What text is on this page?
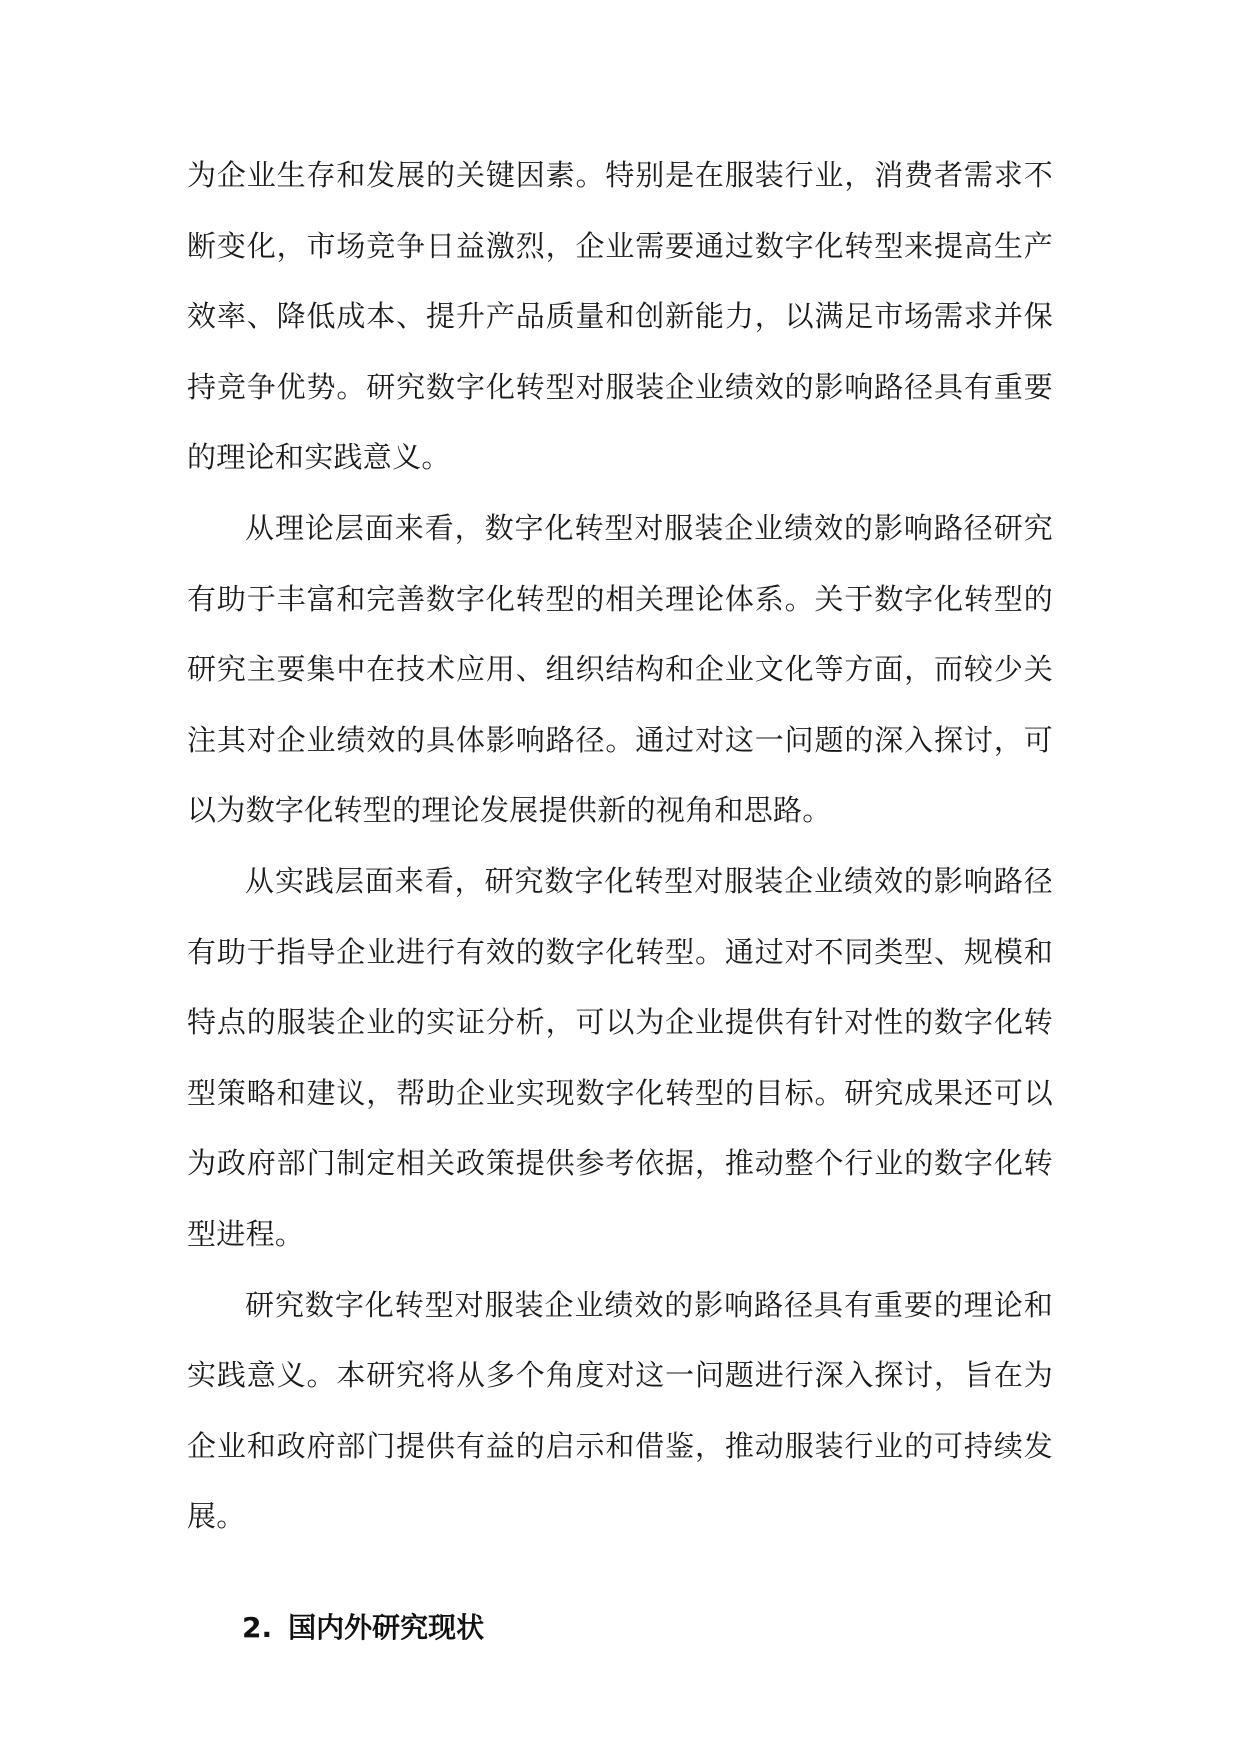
为企业生存和发展的关键因素。特别是在服装行业，消费者需求不断变化，市场竞争日益激烈，企业需要通过数字化转型来提高生产效率、降低成本、提升产品质量和创新能力，以满足市场需求并保持竞争优势。研究数字化转型对服装企业绩效的影响路径具有重要的理论和实践意义。

从理论层面来看，数字化转型对服装企业绩效的影响路径研究有助于丰富和完善数字化转型的相关理论体系。关于数字化转型的研究主要集中在技术应用、组织结构和企业文化等方面，而较少关注其对企业绩效的具体影响路径。通过对这一问题的深入探讨，可以为数字化转型的理论发展提供新的视角和思路。

从实践层面来看，研究数字化转型对服装企业绩效的影响路径有助于指导企业进行有效的数字化转型。通过对不同类型、规模和特点的服装企业的实证分析，可以为企业提供有针对性的数字化转型策略和建议，帮助企业实现数字化转型的目标。研究成果还可以为政府部门制定相关政策提供参考依据，推动整个行业的数字化转型进程。

研究数字化转型对服装企业绩效的影响路径具有重要的理论和实践意义。本研究将从多个角度对这一问题进行深入探讨，旨在为企业和政府部门提供有益的启示和借鉴，推动服装行业的可持续发展。

2. 国内外研究现状
